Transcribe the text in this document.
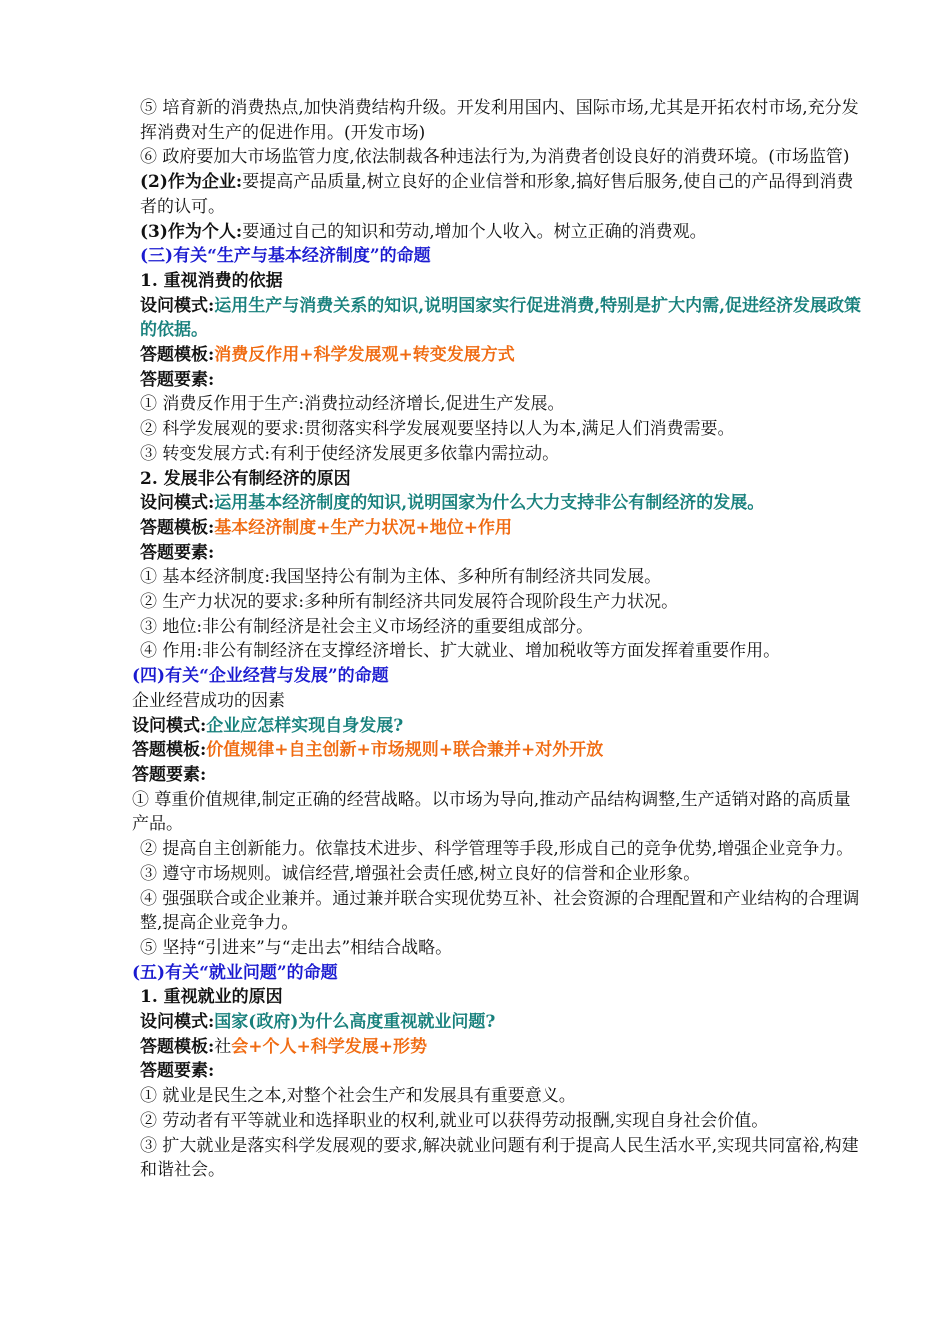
⑤ 培育新的消费热点,加快消费结构升级。开发利用国内、国际市场,尤其是开拓农村市场,充分发挥消费对生产的促进作用。(开发市场)
⑥ 政府要加大市场监管力度,依法制裁各种违法行为,为消费者创设良好的消费环境。(市场监管)
(2)作为企业:要提高产品质量,树立良好的企业信誉和形象,搞好售后服务,使自己的产品得到消费者的认可。
(3)作为个人:要通过自己的知识和劳动,增加个人收入。树立正确的消费观。
(三)有关“生产与基本经济制度”的命题
1. 重视消费的依据
设问模式:运用生产与消费关系的知识,说明国家实行促进消费,特别是扩大内需,促进经济发展政策的依据。
答题模板:消费反作用+科学发展观+转变发展方式
答题要素:
① 消费反作用于生产:消费拉动经济增长,促进生产发展。
② 科学发展观的要求:贯彻落实科学发展观要坚持以人为本,满足人们消费需要。
③ 转变发展方式:有利于使经济发展更多依靠内需拉动。
2. 发展非公有制经济的原因
设问模式:运用基本经济制度的知识,说明国家为什么大力支持非公有制经济的发展。
答题模板:基本经济制度+生产力状况+地位+作用
答题要素:
① 基本经济制度:我国坚持公有制为主体、多种所有制经济共同发展。
② 生产力状况的要求:多种所有制经济共同发展符合现阶段生产力状况。
③ 地位:非公有制经济是社会主义市场经济的重要组成部分。
④ 作用:非公有制经济在支撑经济增长、扩大就业、增加税收等方面发挥着重要作用。
(四)有关“企业经营与发展”的命题
企业经营成功的因素
设问模式:企业应怎样实现自身发展?
答题模板:价值规律+自主创新+市场规则+联合兼并+对外开放
答题要素:
① 尊重价值规律,制定正确的经营战略。以市场为导向,推动产品结构调整,生产适销对路的高质量产品。
② 提高自主创新能力。依靠技术进步、科学管理等手段,形成自己的竞争优势,增强企业竞争力。
③ 遵守市场规则。诚信经营,增强社会责任感,树立良好的信誉和企业形象。
④ 强强联合或企业兼并。通过兼并联合实现优势互补、社会资源的合理配置和产业结构的合理调整,提高企业竞争力。
⑤ 坚持“引进来”与“走出去”相结合战略。
(五)有关“就业问题”的命题
1. 重视就业的原因
设问模式:国家(政府)为什么高度重视就业问题?
答题模板:社会+个人+科学发展+形势
答题要素:
① 就业是民生之本,对整个社会生产和发展具有重要意义。
② 劳动者有平等就业和选择职业的权利,就业可以获得劳动报酬,实现自身社会价值。
③ 扩大就业是落实科学发展观的要求,解决就业问题有利于提高人民生活水平,实现共同富裕,构建和谐社会。
